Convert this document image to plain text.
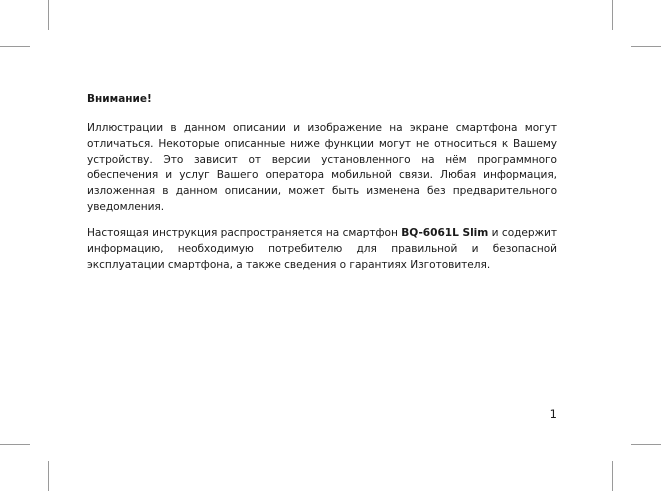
Внимание!

Иллюстрации в данном описании и изображение на экране смартфона могут отличаться. Некоторые описанные ниже функции могут не относиться к Вашему устройству. Это зависит от версии установленного на нём программного обеспечения и услуг Вашего оператора мобильной связи. Любая информация, изложенная в данном описании, может быть изменена без предварительного уведомления.

Настоящая инструкция распространяется на смартфон BQ-6061L Slim и содержит информацию, необходимую потребителю для правильной и безопасной эксплуатации смартфона, а также сведения о гарантиях Изготовителя.

1
